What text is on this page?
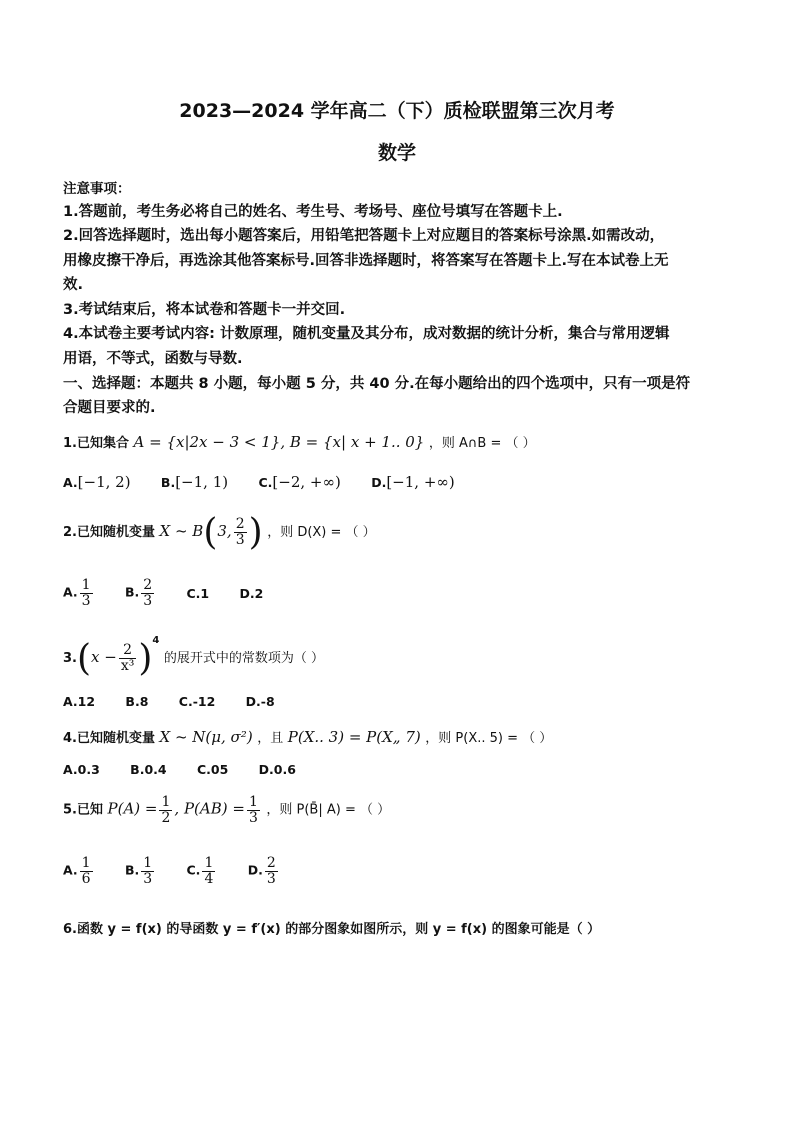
2023—2024 学年高二（下）质检联盟第三次月考
数学
注意事项：
1.答题前，考生务必将自己的姓名、考生号、考场号、座位号填写在答题卡上.
2.回答选择题时，选出每小题答案后，用铅笔把答题卡上对应题目的答案标号涂黑.如需改动，
用橡皮擦干净后，再选涂其他答案标号.回答非选择题时，将答案写在答题卡上.写在本试卷上无
效.
3.考试结束后，将本试卷和答题卡一并交回.
4.本试卷主要考试内容: 计数原理，随机变量及其分布，成对数据的统计分析，集合与常用逻辑
用语，不等式，函数与导数.
一、选择题：本题共 8 小题，每小题 5 分，共 40 分.在每小题给出的四个选项中，只有一项是符
合题目要求的.
1.已知集合 A = {x|2x − 3 < 1}, B = {x| x + 1.. 0} ，则 A∩B = （ ）
A.[−1, 2) B.[−1, 1) C.[−2, +∞) D.[−1, +∞)
2.已知随机变量 X ~ B(3, $\frac{2}{3}$ ) ，则 D(X) = （ ）
A. $\frac{1}{3}$	B. $\frac{2}{3}$	C.1 D.2
$3.(x - \frac{2}{\text{x³}} )^4$ 的展开式中的常数项为（ ）
A.12 B.8 C.-12 D.-8
4.已知随机变量 X ~ N(μ, σ²) ，且 P(X.. 3) = P(X„ 7) ，则 P(X.. 5) = （ ）
A.0.3 B.0.4 C.05 D.0.6
5.已知 $P(A) = \frac{1}{2}$ , $P(AB) = \frac{1}{3}$ ，则 P(B̄| A) = （ ）
A. $\frac{1}{6}$	B. $\frac{1}{3}$	C. $\frac{1}{4}$	D. $\frac{2}{3}$
6.函数 y = f(x) 的导函数 y = f′(x) 的部分图象如图所示，则 y = f(x) 的图象可能是（ ）
